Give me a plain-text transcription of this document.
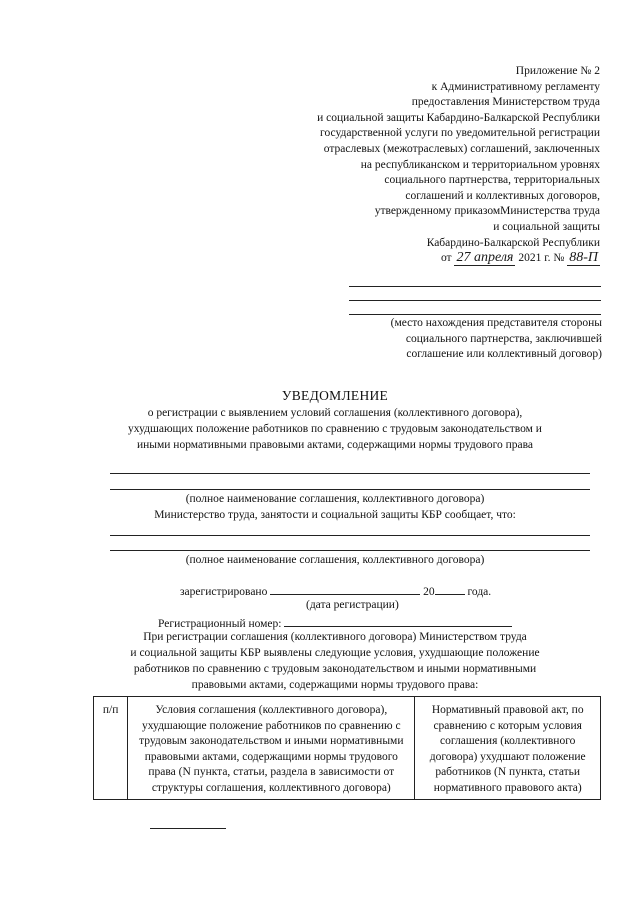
Приложение № 2
к Административному регламенту
предоставления Министерством труда
и социальной защиты Кабардино-Балкарской Республики
государственной услуги по уведомительной регистрации
отраслевых (межотраслевых) соглашений, заключенных
на республиканском и территориальном уровнях
социального партнерства, территориальных
соглашений и коллективных договоров,
утвержденному приказомМинистерства труда
и социальной защиты
Кабардино-Балкарской Республики
от 27 апреля 2021 г. № 88-П
(место нахождения представителя стороны
социального партнерства, заключившей
соглашение или коллективный договор)
УВЕДОМЛЕНИЕ
о регистрации с выявлением условий соглашения (коллективного договора),
ухудшающих положение работников по сравнению с трудовым законодательством и
иными нормативными правовыми актами, содержащими нормы трудового права
(полное наименование соглашения, коллективного договора)
Министерство труда, занятости и социальной защиты КБР сообщает, что:
(полное наименование соглашения, коллективного договора)
зарегистрировано	20	года.
(дата регистрации)
Регистрационный номер:
При регистрации соглашения (коллективного договора) Министерством труда
и социальной защиты КБР выявлены следующие условия, ухудшающие положение
работников по сравнению с трудовым законодательством и иными нормативными
правовыми актами, содержащими нормы трудового права:
п/п	Условия соглашения (коллективного договора), ухудшающие положение работников по сравнению с трудовым законодательством и иными нормативными правовыми актами, содержащими нормы трудового права (N пункта, статьи, раздела в зависимости от структуры соглашения, коллективного договора)	Нормативный правовой акт, по сравнению с которым условия соглашения (коллективного договора) ухудшают положение работников (N пункта, статьи нормативного правового акта)
